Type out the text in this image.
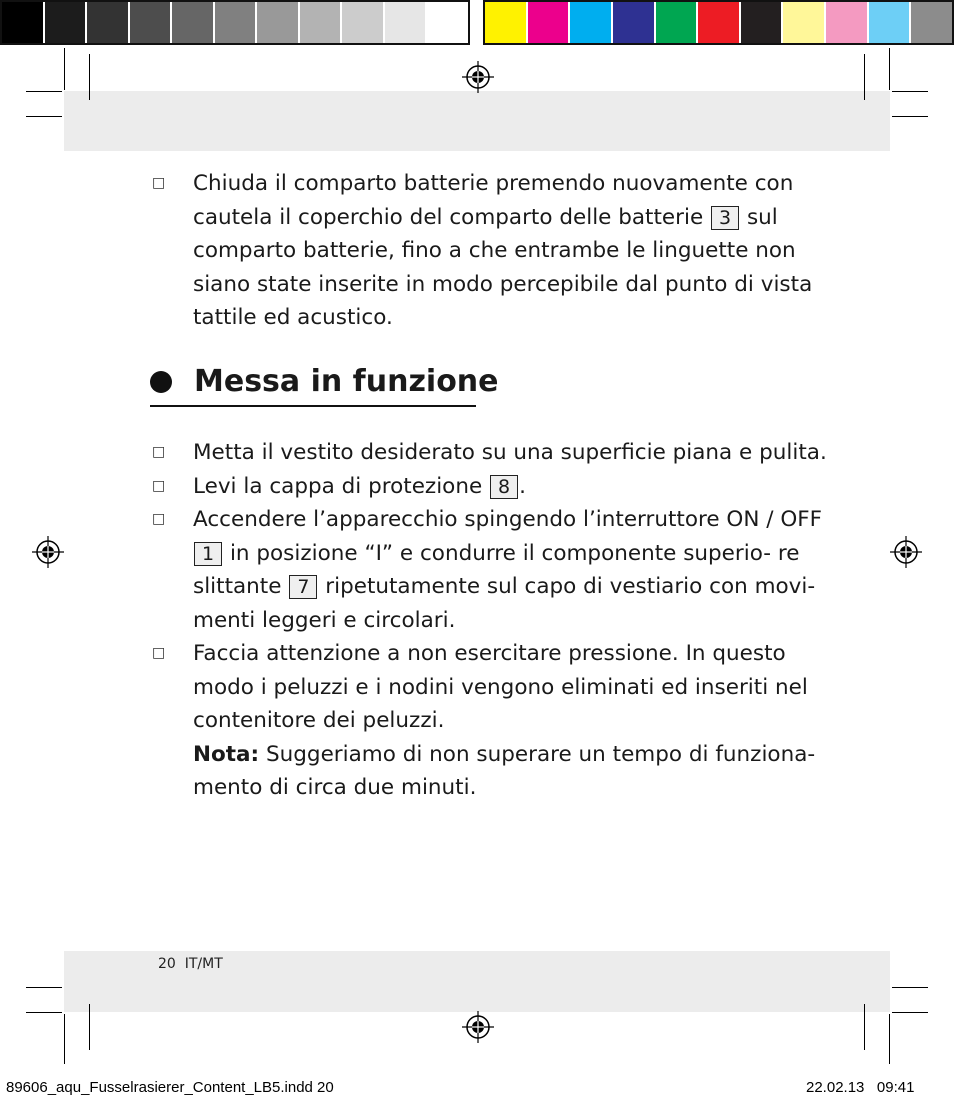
□ Chiuda il comparto batterie premendo nuovamente con cautela il coperchio del comparto delle batterie 3 sul comparto batterie, fino a che entrambe le linguette non siano state inserite in modo percepibile dal punto di vista tattile ed acustico.
Messa in funzione
□ Metta il vestito desiderato su una superficie piana e pulita.
□ Levi la cappa di protezione 8 .
□ Accendere l’apparecchio spingendo l’interruttore ON / OFF 1 in posizione “I” e condurre il componente superio- re slittante 7 ripetutamente sul capo di vestiario con movi- menti leggeri e circolari.
□ Faccia attenzione a non esercitare pressione. In questo modo i peluzzi e i nodini vengono eliminati ed inseriti nel contenitore dei peluzzi.
Nota: Suggeriamo di non superare un tempo di funziona- mento di circa due minuti.
20 IT/MT
89606_aqu_Fusselrasierer_Content_LB5.indd 20	22.02.13 09:41
